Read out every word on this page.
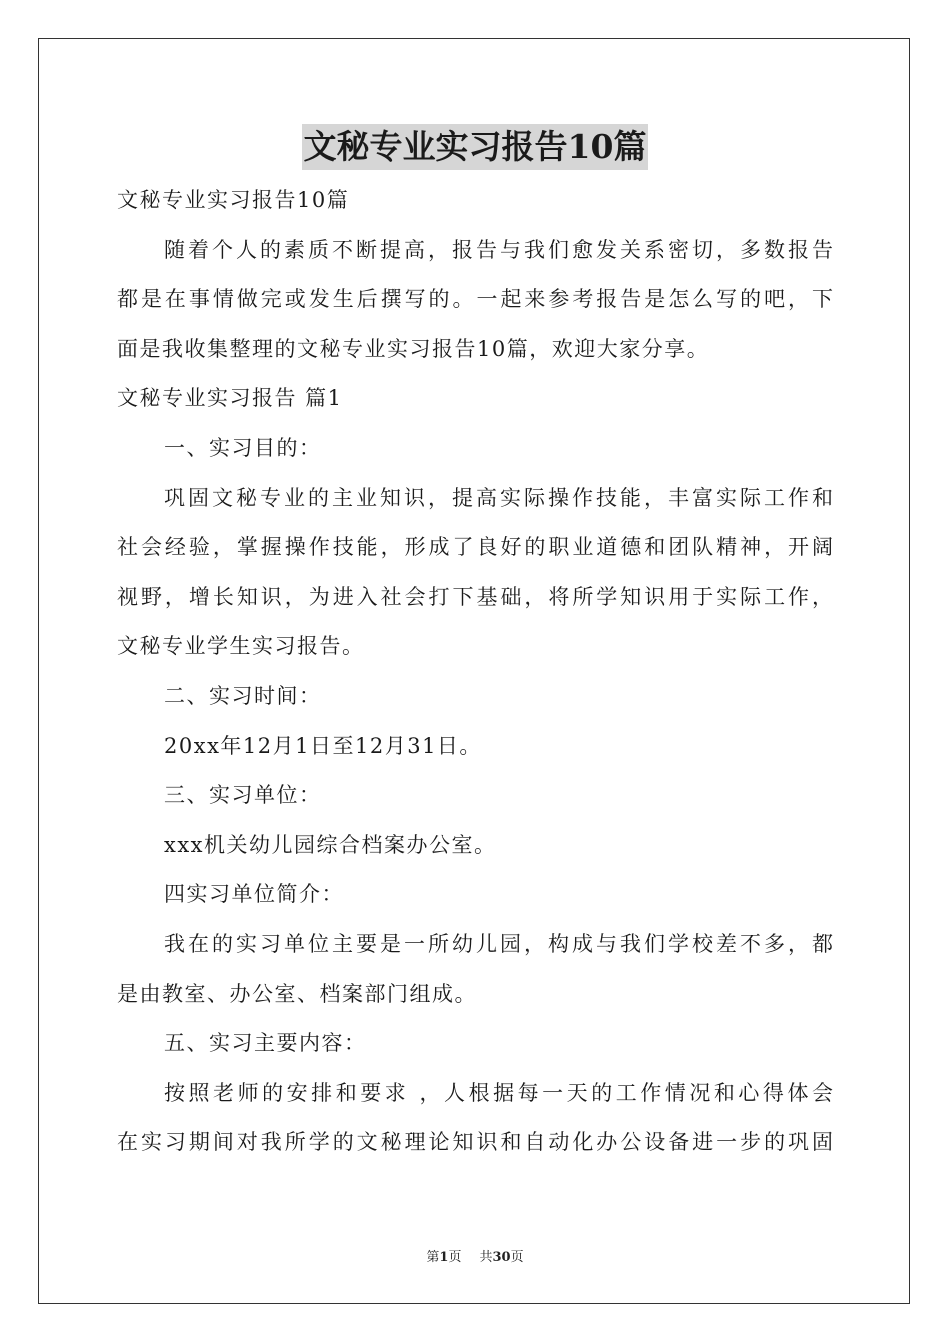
文秘专业实习报告10篇
文秘专业实习报告10篇
随着个人的素质不断提高，报告与我们愈发关系密切，多数报告
都是在事情做完或发生后撰写的。一起来参考报告是怎么写的吧，下
面是我收集整理的文秘专业实习报告10篇，欢迎大家分享。
文秘专业实习报告 篇1
一、实习目的：
巩固文秘专业的主业知识，提高实际操作技能，丰富实际工作和
社会经验，掌握操作技能，形成了良好的职业道德和团队精神，开阔
视野，增长知识，为进入社会打下基础，将所学知识用于实际工作，
文秘专业学生实习报告。
二、实习时间：
20xx年12月1日至12月31日。
三、实习单位：
xxx机关幼儿园综合档案办公室。
四实习单位简介：
我在的实习单位主要是一所幼儿园，构成与我们学校差不多，都
是由教室、办公室、档案部门组成。
五、实习主要内容：
按照老师的安排和要求 ，人根据每一天的工作情况和心得体会
在实习期间对我所学的文秘理论知识和自动化办公设备进一步的巩固
第1页 共30页
